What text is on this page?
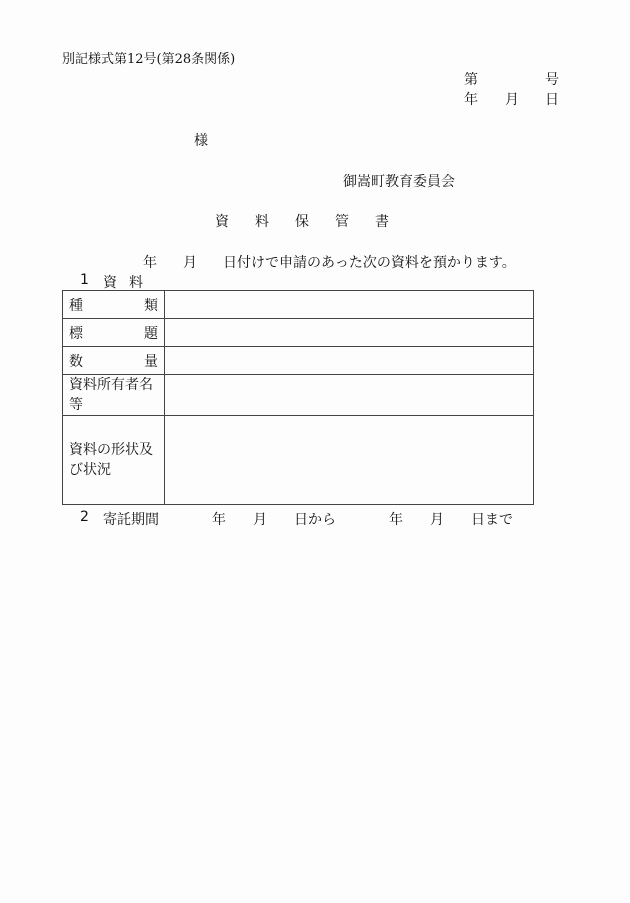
別記様式第12号(第28条関係)
第	号
年 月 日
様
御嵩町教育委員会
資 料 保 管 書
年 月 日付けで申請のあった次の資料を預かります。
1 資 料
種 類	

標 題	

数 量	

資料所有者名等	
資料の形状及び状況	
2 寄託期間	年 月 日から	年 月 日まで
